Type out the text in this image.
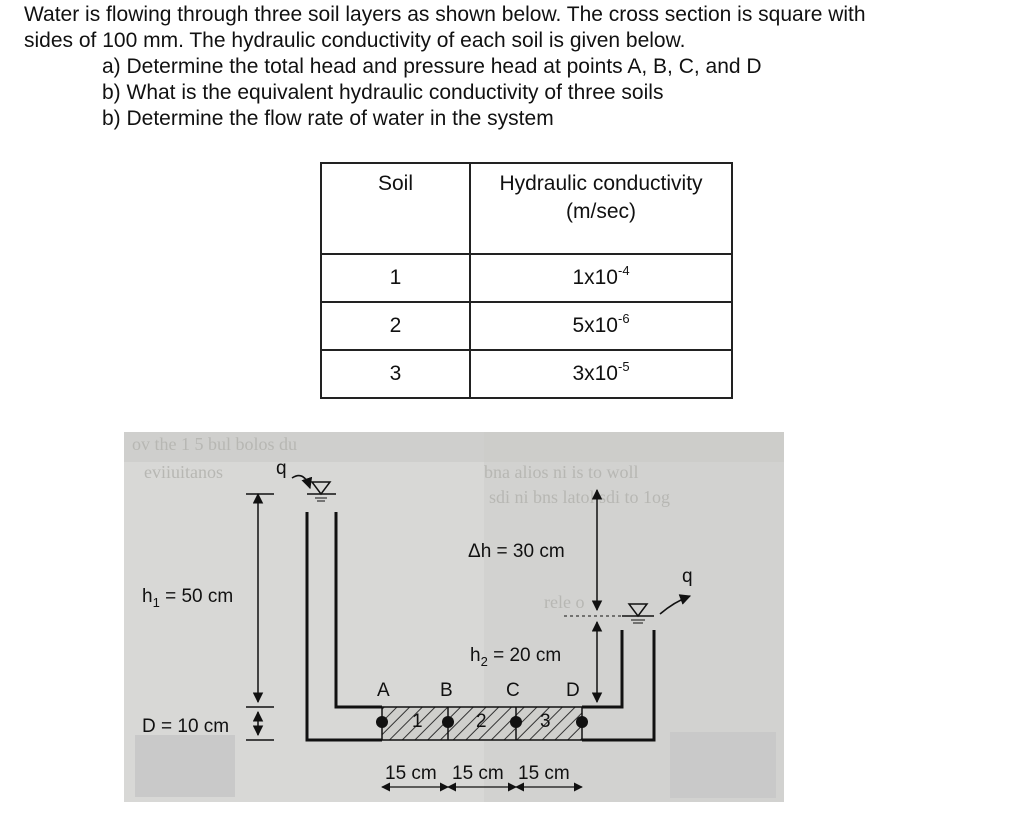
Water is flowing through three soil layers as shown below. The cross section is square with

sides of 100 mm. The hydraulic conductivity of each soil is given below.

a) Determine the total head and pressure head at points A, B, C, and D

b) What is the equivalent hydraulic conductivity of three soils

b) Determine the flow rate of water in the system

Soil	Hydraulic conductivity
(m/sec)
1	$1x10^{-4}$
2	$5x10^{-6}$
3	$3x10^{-5}$
ov the 1 5 bul bolos du
eviiuitanos	bna alios ni is to woll
sdi ni bns latol sdi to 1og
rele o
q
q
$h_1 = 50$ cm
D = 10 cm
Δh = 30 cm
$h_2 = 20$ cm
A	B	C D
1	2	3
15 cm 15 cm 15 cm
